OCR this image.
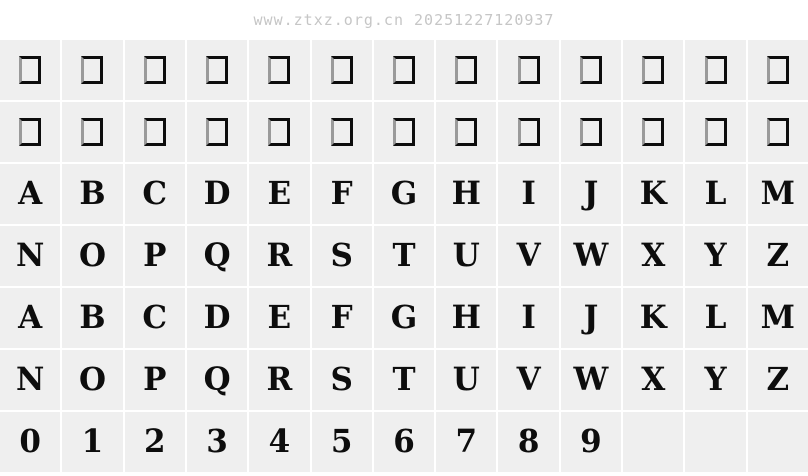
www.ztxz.org.cn 20251227120937
A B C D E F G H I J K L M
N O P Q R S T U V W X Y Z
A B C D E F G H I J K L M
N O P Q R S T U V W X Y Z
0 1 2 3 4 5 6 7 8 9
